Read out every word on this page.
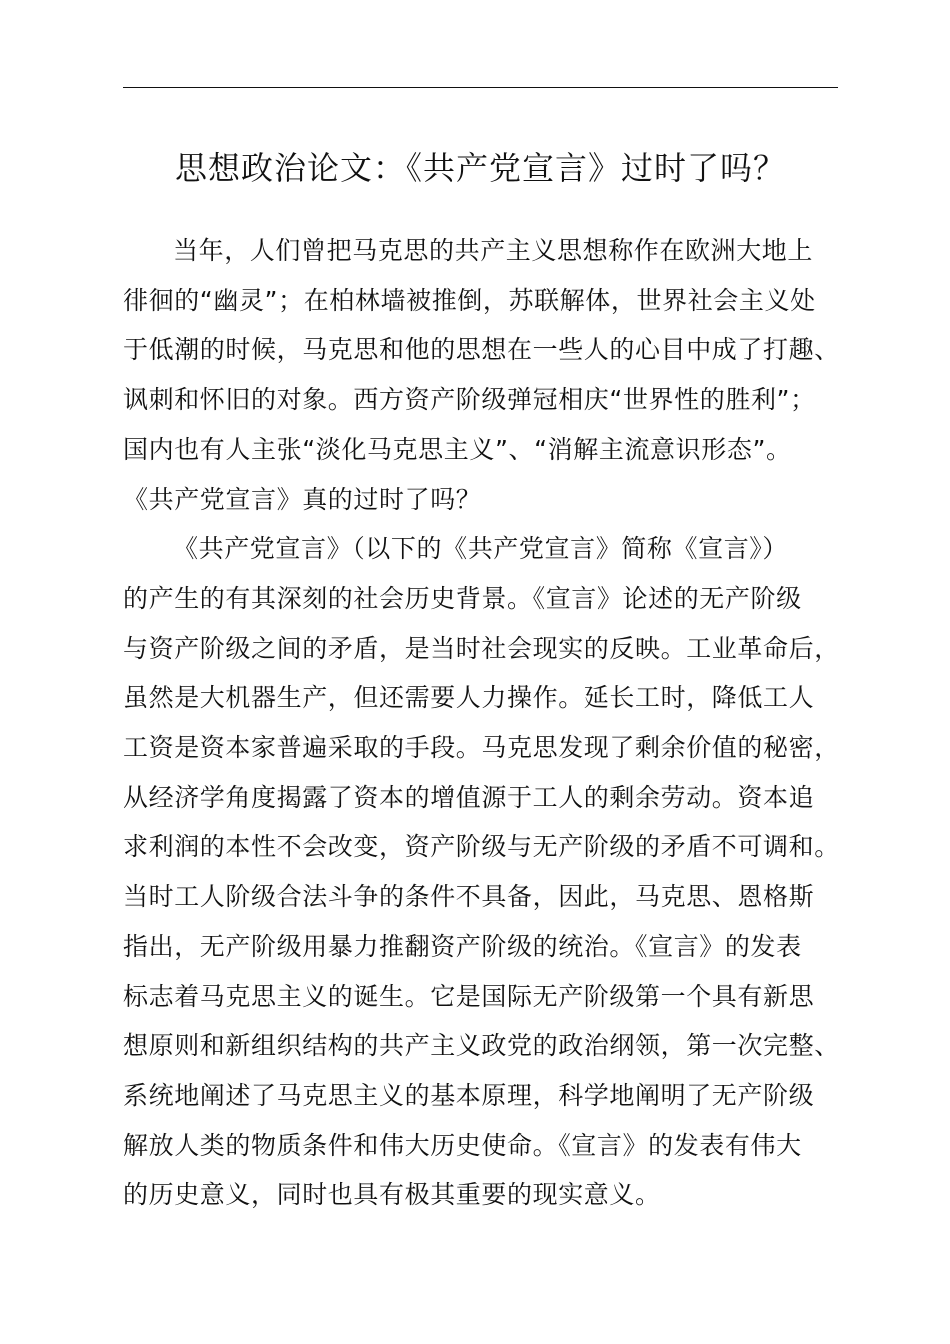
思想政治论文：《共产党宣言》过时了吗？

当年，人们曾把马克思的共产主义思想称作在欧洲大地上
徘徊的“幽灵”；在柏林墙被推倒，苏联解体，世界社会主义处
于低潮的时候，马克思和他的思想在一些人的心目中成了打趣、
讽刺和怀旧的对象。西方资产阶级弹冠相庆“世界性的胜利”；
国内也有人主张“淡化马克思主义”、“消解主流意识形态”。
《共产党宣言》真的过时了吗？

《共产党宣言》（以下的《共产党宣言》简称《宣言》）
的产生的有其深刻的社会历史背景。《宣言》论述的无产阶级
与资产阶级之间的矛盾，是当时社会现实的反映。工业革命后，
虽然是大机器生产，但还需要人力操作。延长工时，降低工人
工资是资本家普遍采取的手段。马克思发现了剩余价值的秘密，
从经济学角度揭露了资本的增值源于工人的剩余劳动。资本追
求利润的本性不会改变，资产阶级与无产阶级的矛盾不可调和。
当时工人阶级合法斗争的条件不具备，因此，马克思、恩格斯
指出，无产阶级用暴力推翻资产阶级的统治。《宣言》的发表
标志着马克思主义的诞生。它是国际无产阶级第一个具有新思
想原则和新组织结构的共产主义政党的政治纲领，第一次完整、
系统地阐述了马克思主义的基本原理，科学地阐明了无产阶级
解放人类的物质条件和伟大历史使命。《宣言》的发表有伟大
的历史意义，同时也具有极其重要的现实意义。
